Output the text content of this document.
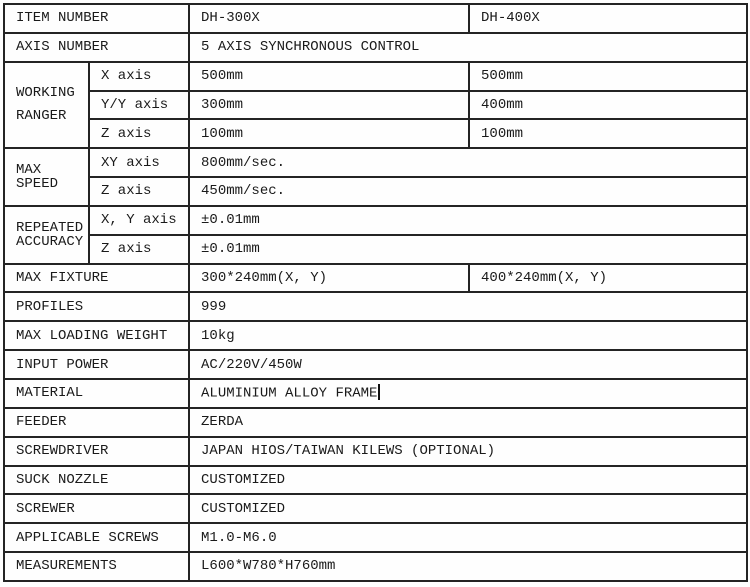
ITEM NUMBER		DH-300X	DH-400X
AXIS NUMBER		5 AXIS SYNCHRONOUS CONTROL	

WORKING
RANGER	X axis	500mm	500mm
	Y/Y axis	300mm	400mm
	Z axis	100mm	100mm

MAX
SPEED	XY axis	800mm/sec.	
	Z axis	450mm/sec.	

REPEATED
ACCURACY	X, Y axis	±0.01mm	
	Z axis	±0.01mm	
MAX FIXTURE		300*240mm(X, Y)	400*240mm(X, Y)
PROFILES		999	
MAX LOADING WEIGHT		10kg	
INPUT POWER		AC/220V/450W	
MATERIAL		ALUMINIUM ALLOY FRAME	
FEEDER		ZERDA	
SCREWDRIVER		JAPAN HIOS/TAIWAN KILEWS (OPTIONAL)	
SUCK NOZZLE		CUSTOMIZED	
SCREWER		CUSTOMIZED	
APPLICABLE SCREWS		M1.0-M6.0	
MEASUREMENTS		L600*W780*H760mm	
